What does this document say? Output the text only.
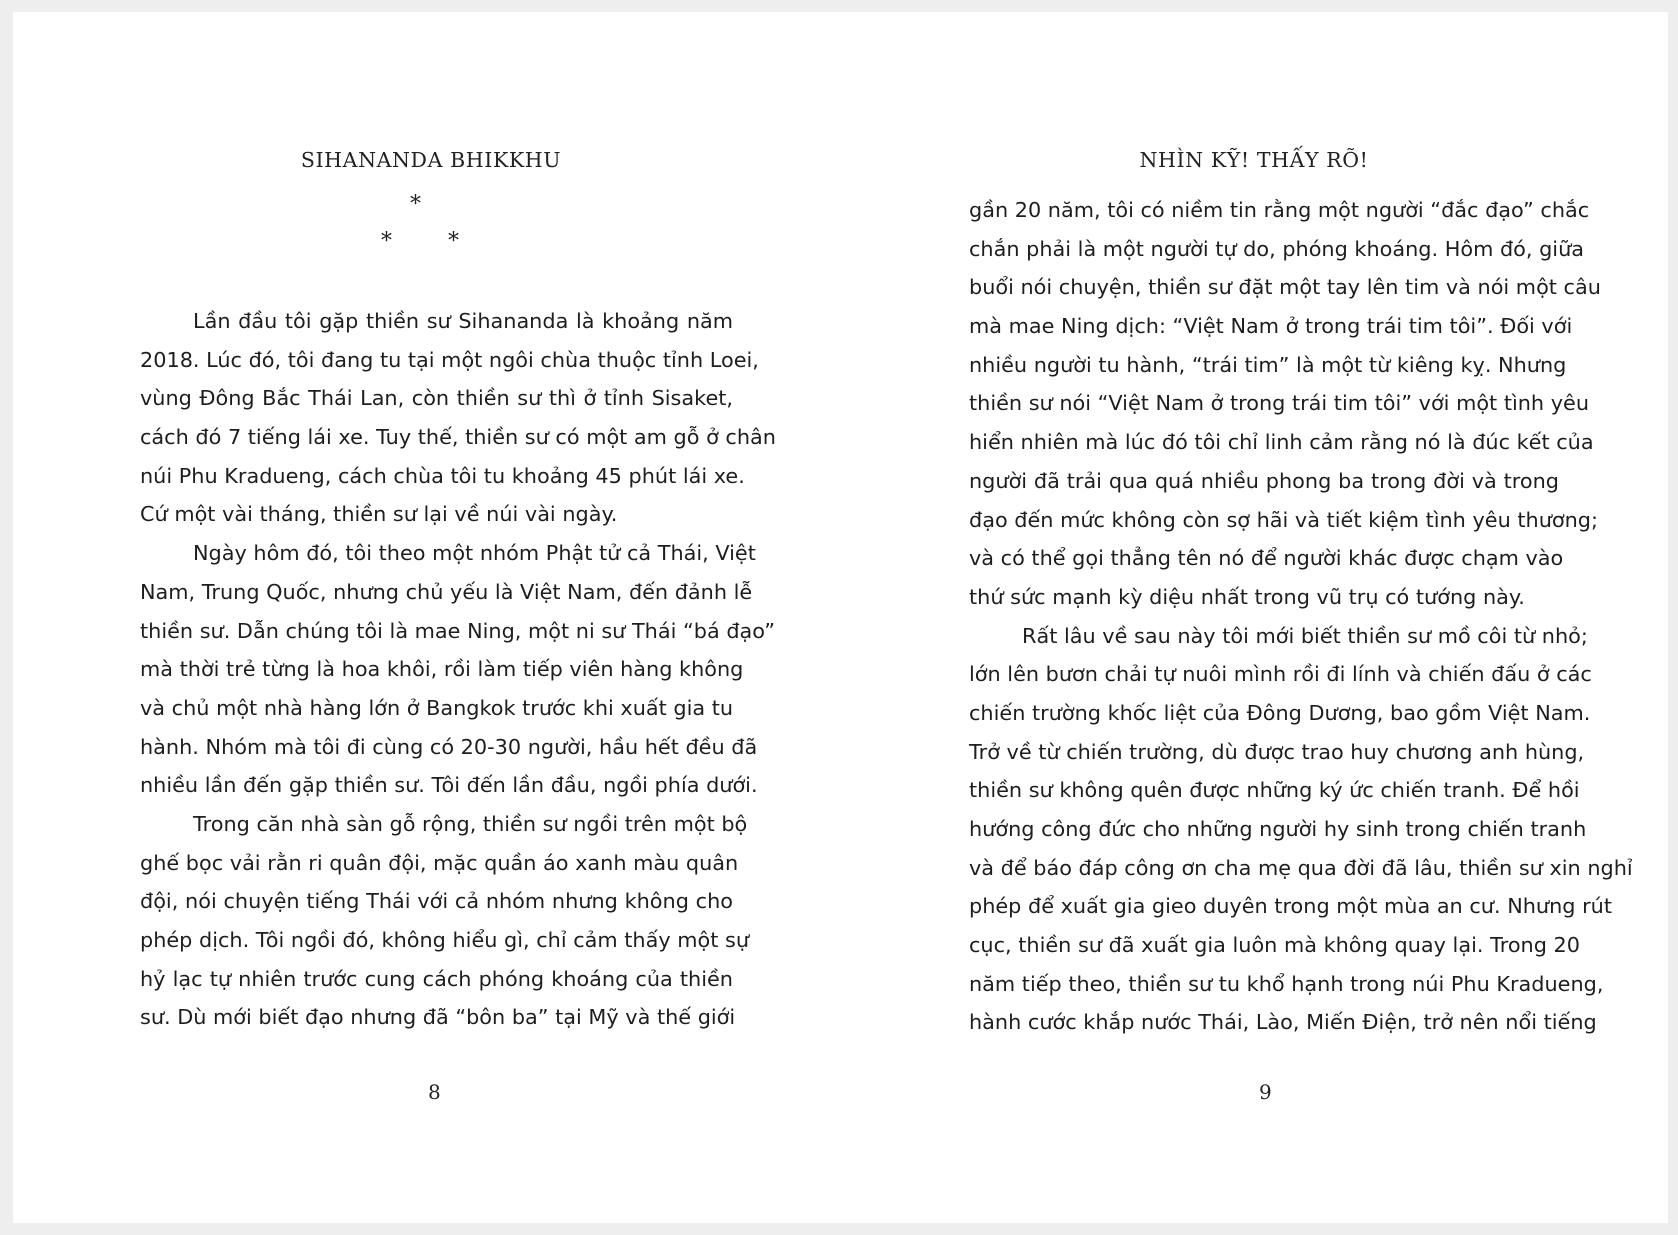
SIHANANDA BHIKKHU
*
*        *
Lần đầu tôi gặp thiền sư Sihananda là khoảng năm
2018. Lúc đó, tôi đang tu tại một ngôi chùa thuộc tỉnh Loei,
vùng Đông Bắc Thái Lan, còn thiền sư thì ở tỉnh Sisaket,
cách đó 7 tiếng lái xe. Tuy thế, thiền sư có một am gỗ ở chân
núi Phu Kradueng, cách chùa tôi tu khoảng 45 phút lái xe.
Cứ một vài tháng, thiền sư lại về núi vài ngày.
Ngày hôm đó, tôi theo một nhóm Phật tử cả Thái, Việt
Nam, Trung Quốc, nhưng chủ yếu là Việt Nam, đến đảnh lễ
thiền sư. Dẫn chúng tôi là mae Ning, một ni sư Thái “bá đạo”
mà thời trẻ từng là hoa khôi, rồi làm tiếp viên hàng không
và chủ một nhà hàng lớn ở Bangkok trước khi xuất gia tu
hành. Nhóm mà tôi đi cùng có 20-30 người, hầu hết đều đã
nhiều lần đến gặp thiền sư. Tôi đến lần đầu, ngồi phía dưới.
Trong căn nhà sàn gỗ rộng, thiền sư ngồi trên một bộ
ghế bọc vải rằn ri quân đội, mặc quần áo xanh màu quân
đội, nói chuyện tiếng Thái với cả nhóm nhưng không cho
phép dịch. Tôi ngồi đó, không hiểu gì, chỉ cảm thấy một sự
hỷ lạc tự nhiên trước cung cách phóng khoáng của thiền
sư. Dù mới biết đạo nhưng đã “bôn ba” tại Mỹ và thế giới
8
NHÌN KỸ! THẤY RÕ!
gần 20 năm, tôi có niềm tin rằng một người “đắc đạo” chắc
chắn phải là một người tự do, phóng khoáng. Hôm đó, giữa
buổi nói chuyện, thiền sư đặt một tay lên tim và nói một câu
mà mae Ning dịch: “Việt Nam ở trong trái tim tôi”. Đối với
nhiều người tu hành, “trái tim” là một từ kiêng kỵ. Nhưng
thiền sư nói “Việt Nam ở trong trái tim tôi” với một tình yêu
hiển nhiên mà lúc đó tôi chỉ linh cảm rằng nó là đúc kết của
người đã trải qua quá nhiều phong ba trong đời và trong
đạo đến mức không còn sợ hãi và tiết kiệm tình yêu thương;
và có thể gọi thẳng tên nó để người khác được chạm vào
thứ sức mạnh kỳ diệu nhất trong vũ trụ có tướng này.
Rất lâu về sau này tôi mới biết thiền sư mồ côi từ nhỏ;
lớn lên bươn chải tự nuôi mình rồi đi lính và chiến đấu ở các
chiến trường khốc liệt của Đông Dương, bao gồm Việt Nam.
Trở về từ chiến trường, dù được trao huy chương anh hùng,
thiền sư không quên được những ký ức chiến tranh. Để hồi
hướng công đức cho những người hy sinh trong chiến tranh
và để báo đáp công ơn cha mẹ qua đời đã lâu, thiền sư xin nghỉ
phép để xuất gia gieo duyên trong một mùa an cư. Nhưng rút
cục, thiền sư đã xuất gia luôn mà không quay lại. Trong 20
năm tiếp theo, thiền sư tu khổ hạnh trong núi Phu Kradueng,
hành cước khắp nước Thái, Lào, Miến Điện, trở nên nổi tiếng
9
